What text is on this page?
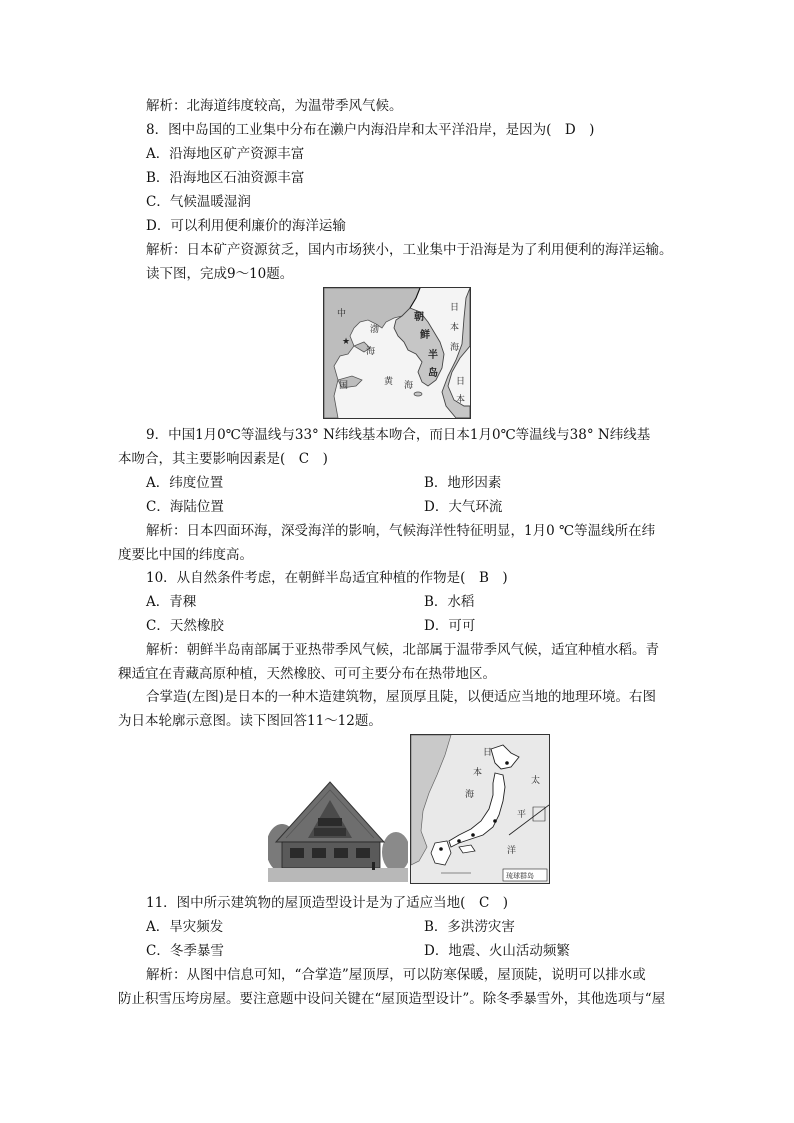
解析：北海道纬度较高，为温带季风气候。
8．图中岛国的工业集中分布在濑户内海沿岸和太平洋沿岸，是因为(　D　)
A．沿海地区矿产资源丰富
B．沿海地区石油资源丰富
C．气候温暖湿润
D．可以利用便利廉价的海洋运输
解析：日本矿产资源贫乏，国内市场狭小，工业集中于沿海是为了利用便利的海洋运输。
读下图，完成9～10题。
★
中
国
渤
海
黄 海
朝
鲜
半
岛
日
本
海
日
本
9．中国1月0℃等温线与33° N纬线基本吻合，而日本1月0℃等温线与38° N纬线基
本吻合，其主要影响因素是(　C　)
A．纬度位置	B．地形因素
C．海陆位置	D．大气环流
解析：日本四面环海，深受海洋的影响，气候海洋性特征明显，1月0 ℃等温线所在纬
度要比中国的纬度高。
10．从自然条件考虑，在朝鲜半岛适宜种植的作物是(　B　)
A．青稞	B．水稻
C．天然橡胶	D．可可
解析：朝鲜半岛南部属于亚热带季风气候，北部属于温带季风气候，适宜种植水稻。青
稞适宜在青藏高原种植，天然橡胶、可可主要分布在热带地区。
合掌造(左图)是日本的一种木造建筑物，屋顶厚且陡，以便适应当地的地理环境。右图
为日本轮廓示意图。读下图回答11～12题。
日
本
海
太
平
洋
琉球群岛
11．图中所示建筑物的屋顶造型设计是为了适应当地(　C　)
A．旱灾频发	B．多洪涝灾害
C．冬季暴雪	D．地震、火山活动频繁
解析：从图中信息可知，“合掌造”屋顶厚，可以防寒保暖，屋顶陡，说明可以排水或
防止积雪压垮房屋。要注意题中设问关键在“屋顶造型设计”。除冬季暴雪外，其他选项与“屋
